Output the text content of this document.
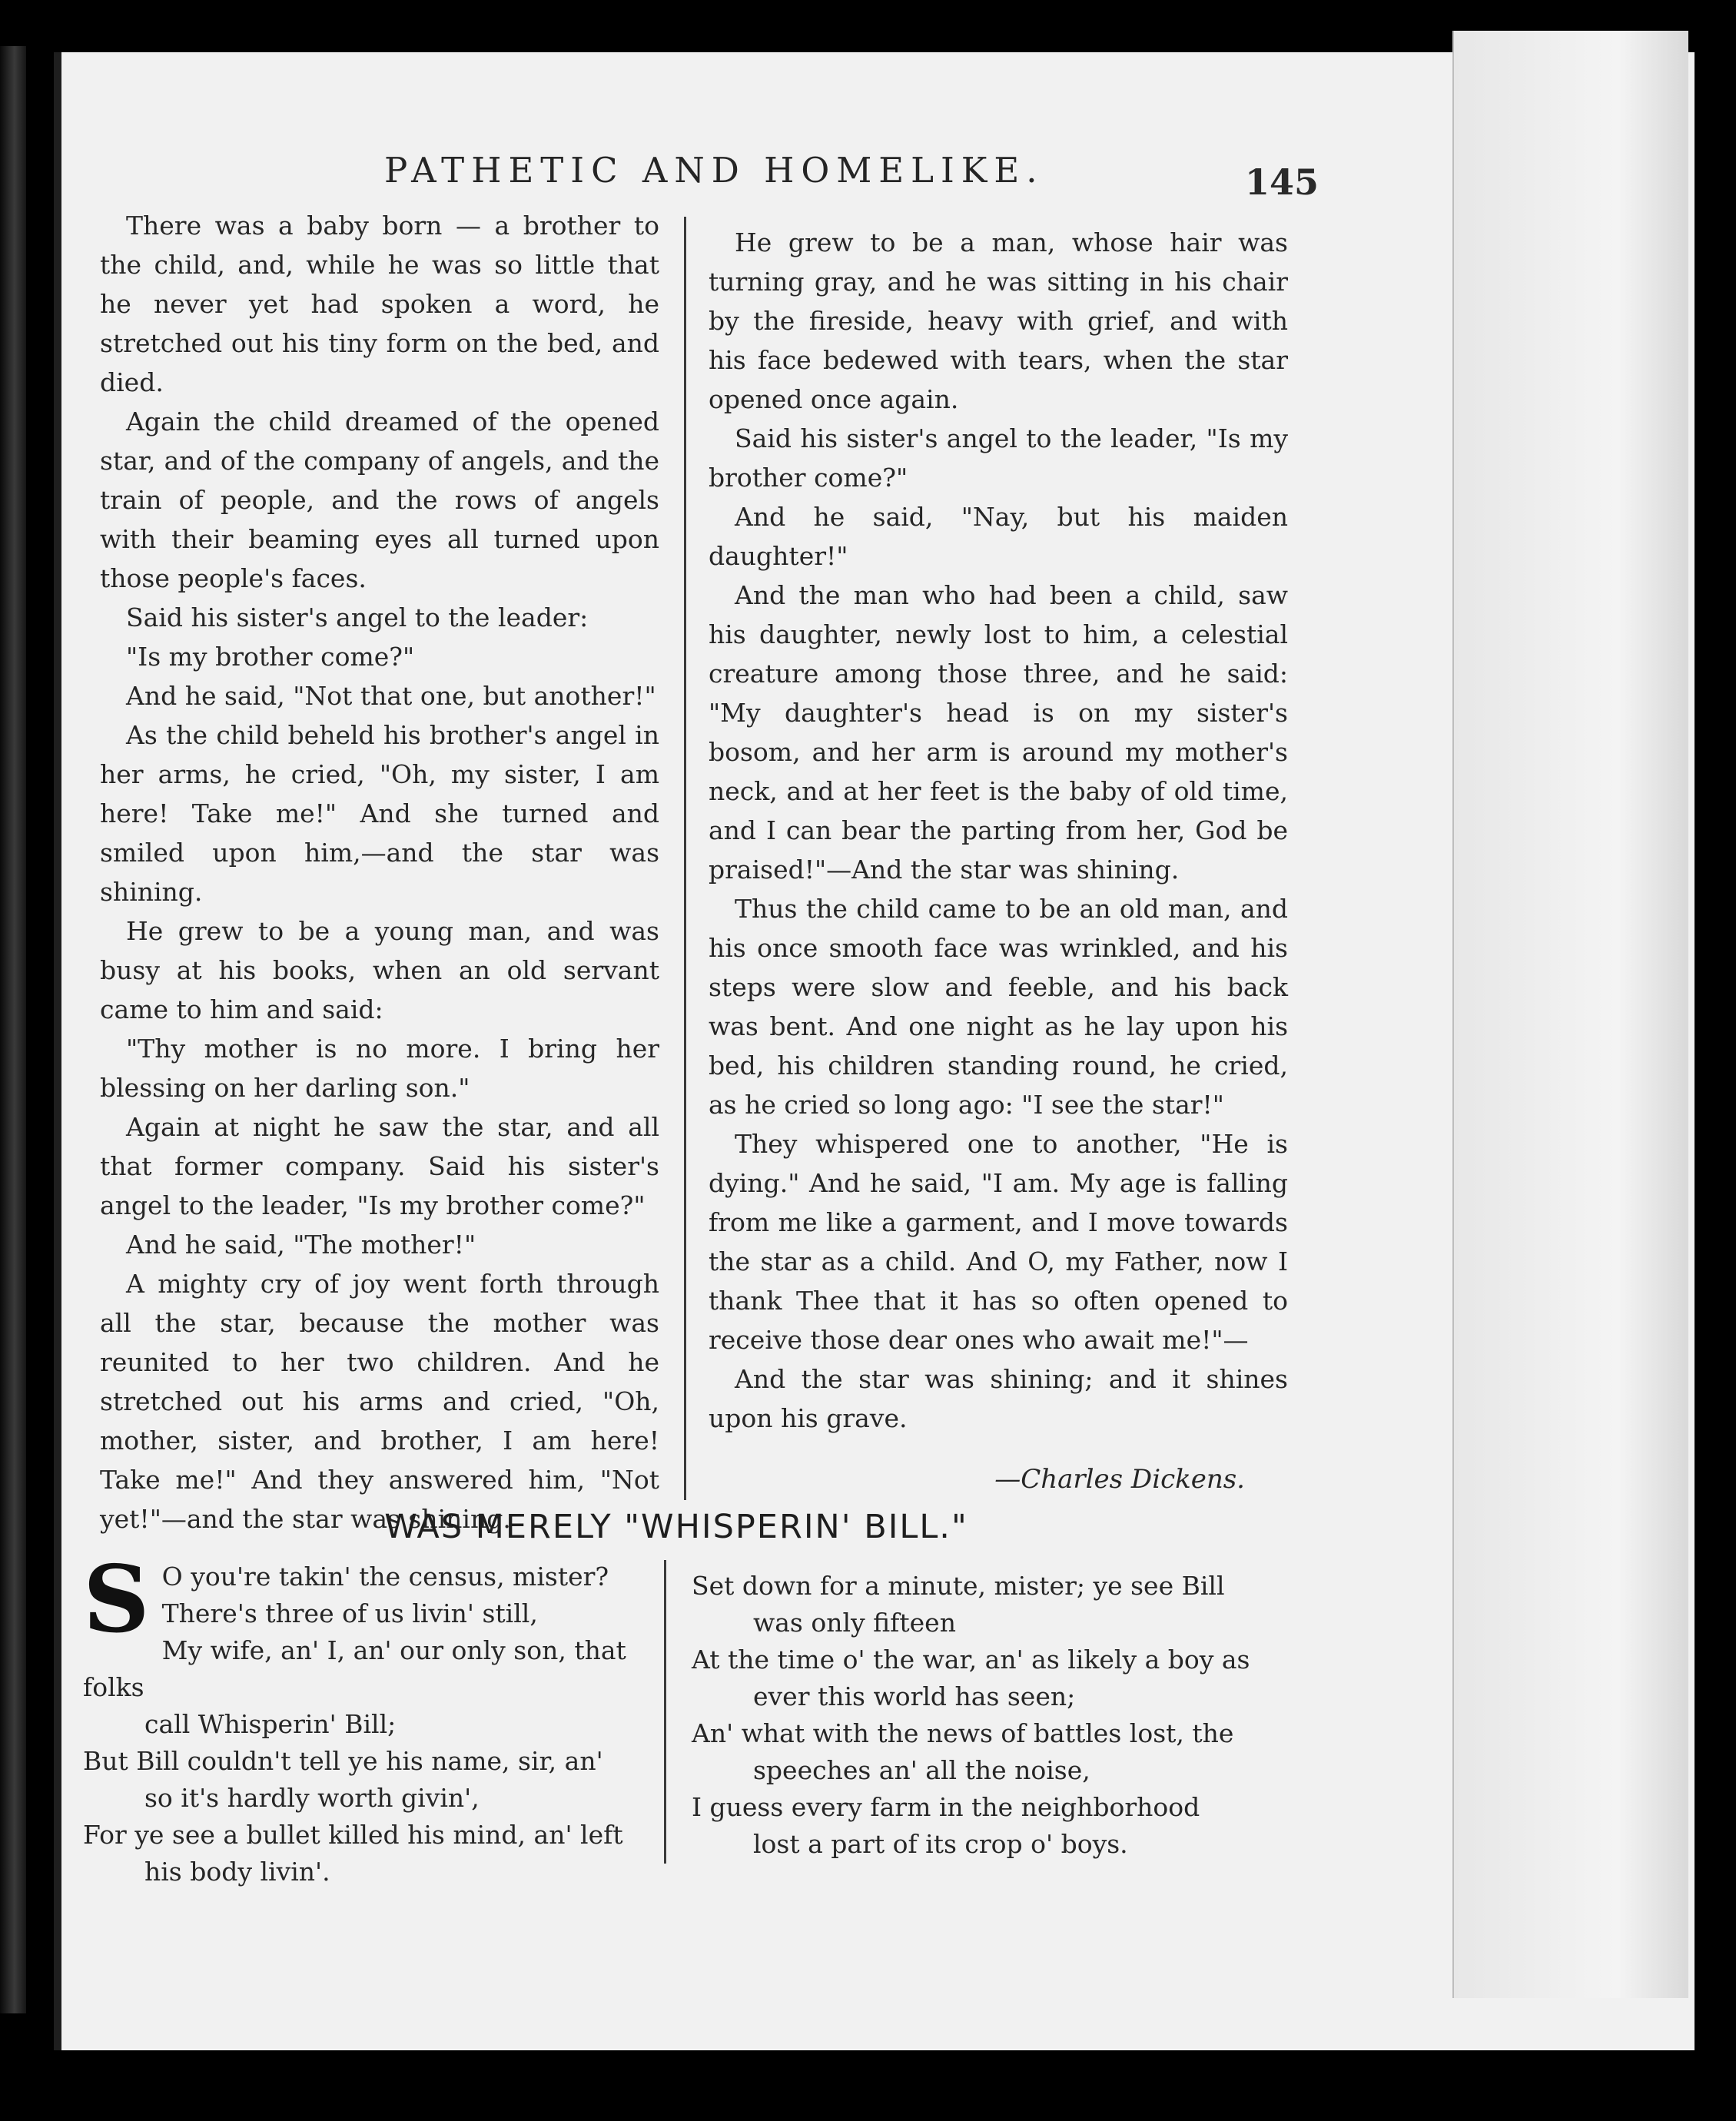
PATHETIC AND HOMELIKE.	145

There was a baby born — a brother to the child, and, while he was so little that he never yet had spoken a word, he stretched out his tiny form on the bed, and died.

Again the child dreamed of the opened star, and of the company of angels, and the train of people, and the rows of angels with their beaming eyes all turned upon those people's faces.

Said his sister's angel to the leader:

"Is my brother come?"

And he said, "Not that one, but another!"

As the child beheld his brother's angel in her arms, he cried, "Oh, my sister, I am here! Take me!" And she turned and smiled upon him,—and the star was shining.

He grew to be a young man, and was busy at his books, when an old servant came to him and said:

"Thy mother is no more. I bring her blessing on her darling son."

Again at night he saw the star, and all that former company. Said his sister's angel to the leader, "Is my brother come?"

And he said, "The mother!"

A mighty cry of joy went forth through all the star, because the mother was reunited to her two children. And he stretched out his arms and cried, "Oh, mother, sister, and brother, I am here! Take me!" And they answered him, "Not yet!"—and the star was shining.

He grew to be a man, whose hair was turning gray, and he was sitting in his chair by the fireside, heavy with grief, and with his face bedewed with tears, when the star opened once again.

Said his sister's angel to the leader, "Is my brother come?"

And he said, "Nay, but his maiden daughter!"

And the man who had been a child, saw his daughter, newly lost to him, a celestial creature among those three, and he said: "My daughter's head is on my sister's bosom, and her arm is around my mother's neck, and at her feet is the baby of old time, and I can bear the parting from her, God be praised!"—And the star was shining.

Thus the child came to be an old man, and his once smooth face was wrinkled, and his steps were slow and feeble, and his back was bent. And one night as he lay upon his bed, his children standing round, he cried, as he cried so long ago: "I see the star!"

They whispered one to another, "He is dying." And he said, "I am. My age is falling from me like a garment, and I move towards the star as a child. And O, my Father, now I thank Thee that it has so often opened to receive those dear ones who await me!"—

And the star was shining; and it shines upon his grave.

—Charles Dickens.
WAS MERELY "WHISPERIN' BILL."
S O you're takin' the census, mister?
There's three of us livin' still,
My wife, an' I, an' our only son, that folks
call Whisperin' Bill;
But Bill couldn't tell ye his name, sir, an'
so it's hardly worth givin',
For ye see a bullet killed his mind, an' left
his body livin'.
Set down for a minute, mister; ye see Bill
was only fifteen
At the time o' the war, an' as likely a boy as
ever this world has seen;
An' what with the news of battles lost, the
speeches an' all the noise,
I guess every farm in the neighborhood
lost a part of its crop o' boys.
